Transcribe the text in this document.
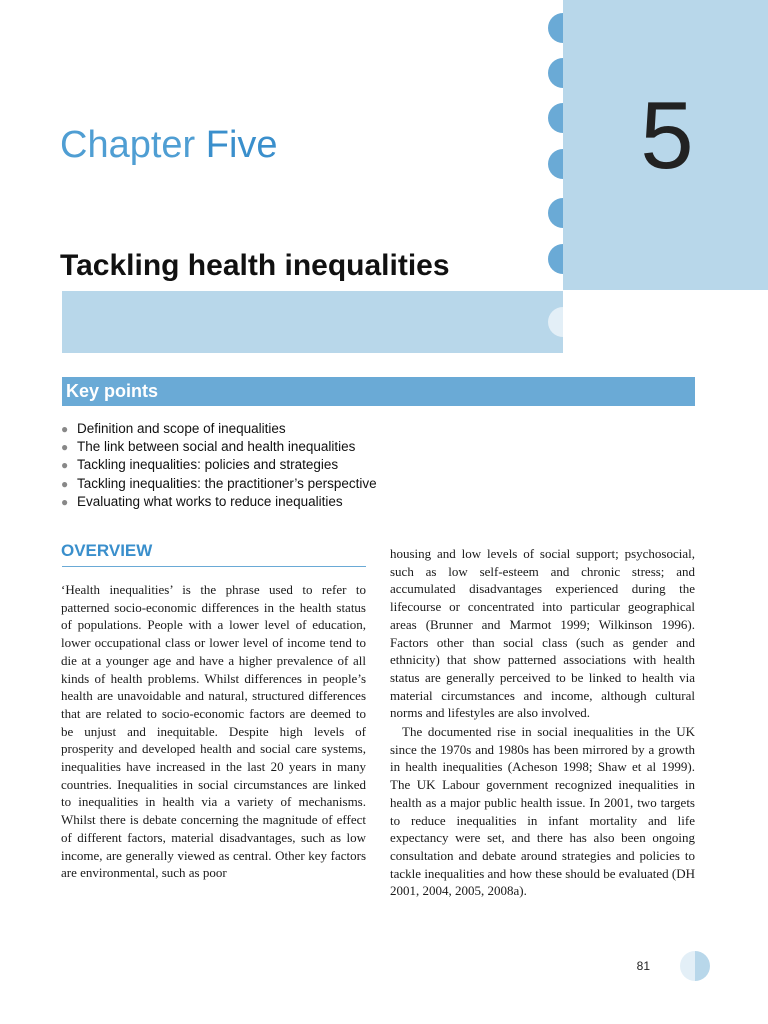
5
Chapter Five
Tackling health inequalities
Key points
● Definition and scope of inequalities
● The link between social and health inequalities
● Tackling inequalities: policies and strategies
● Tackling inequalities: the practitioner’s perspective
● Evaluating what works to reduce inequalities
OVERVIEW

‘Health inequalities’ is the phrase used to refer to patterned socio-economic differences in the health status of populations. People with a lower level of education, lower occupational class or lower level of income tend to die at a younger age and have a higher prevalence of all kinds of health problems. Whilst differences in people’s health are unavoidable and natural, structured differences that are related to socio-economic factors are deemed to be unjust and inequitable. Despite high levels of prosperity and developed health and social care systems, inequalities have increased in the last 20 years in many countries. Inequalities in social circumstances are linked to inequalities in health via a variety of mechanisms. Whilst there is debate concerning the magnitude of effect of different factors, material disadvantages, such as low income, are generally viewed as central. Other key factors are environmental, such as poor

housing and low levels of social support; psychosocial, such as low self-esteem and chronic stress; and accumulated disadvantages experienced during the lifecourse or concentrated into particular geographical areas (Brunner and Marmot 1999; Wilkinson 1996). Factors other than social class (such as gender and ethnicity) that show patterned associations with health status are generally perceived to be linked to health via material circumstances and income, although cultural norms and lifestyles are also involved.

The documented rise in social inequalities in the UK since the 1970s and 1980s has been mirrored by a growth in health inequalities (Acheson 1998; Shaw et al 1999). The UK Labour government recognized inequalities in health as a major public health issue. In 2001, two targets to reduce inequalities in infant mortality and life expectancy were set, and there has also been ongoing consultation and debate around strategies and policies to tackle inequalities and how these should be evaluated (DH 2001, 2004, 2005, 2008a).

81
